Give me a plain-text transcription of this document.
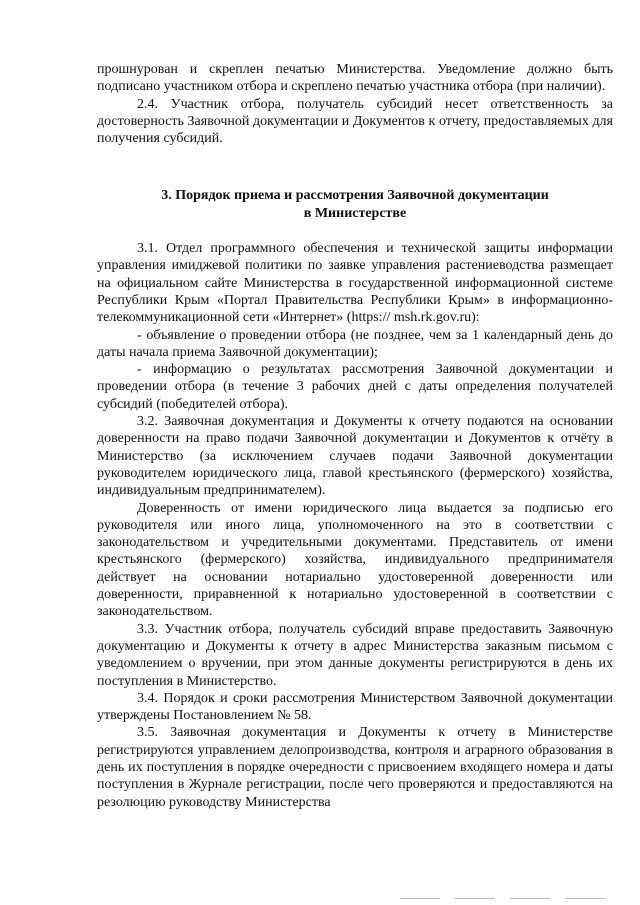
прошнурован и скреплен печатью Министерства. Уведомление должно быть подписано участником отбора и скреплено печатью участника отбора (при наличии).

2.4. Участник отбора, получатель субсидий несет ответственность за достоверность Заявочной документации и Документов к отчету, предоставляемых для получения субсидий.

3. Порядок приема и рассмотрения Заявочной документации
в Министерстве

3.1. Отдел программного обеспечения и технической защиты информации управления имиджевой политики по заявке управления растениеводства размещает на официальном сайте Министерства в государственной информационной системе Республики Крым «Портал Правительства Республики Крым» в информационно-телекоммуникационной сети «Интернет» (https:// msh.rk.gov.ru):

- объявление о проведении отбора (не позднее, чем за 1 календарный день до даты начала приема Заявочной документации);

- информацию о результатах рассмотрения Заявочной документации и проведении отбора (в течение 3 рабочих дней с даты определения получателей субсидий (победителей отбора).

3.2. Заявочная документация и Документы к отчету подаются на основании доверенности на право подачи Заявочной документации и Документов к отчёту в Министерство (за исключением случаев подачи Заявочной документации руководителем юридического лица, главой крестьянского (фермерского) хозяйства, индивидуальным предпринимателем).

Доверенность от имени юридического лица выдается за подписью его руководителя или иного лица, уполномоченного на это в соответствии с законодательством и учредительными документами. Представитель от имени крестьянского (фермерского) хозяйства, индивидуального предпринимателя действует на основании нотариально удостоверенной доверенности или доверенности, приравненной к нотариально удостоверенной в соответствии с законодательством.

3.3. Участник отбора, получатель субсидий вправе предоставить Заявочную документацию и Документы к отчету в адрес Министерства заказным письмом с уведомлением о вручении, при этом данные документы регистрируются в день их поступления в Министерство.

3.4. Порядок и сроки рассмотрения Министерством Заявочной документации утверждены Постановлением № 58.

3.5. Заявочная документация и Документы к отчету в Министерстве регистрируются управлением делопроизводства, контроля и аграрного образования в день их поступления в порядке очередности с присвоением входящего номера и даты поступления в Журнале регистрации, после чего проверяются и предоставляются на резолюцию руководству Министерства
